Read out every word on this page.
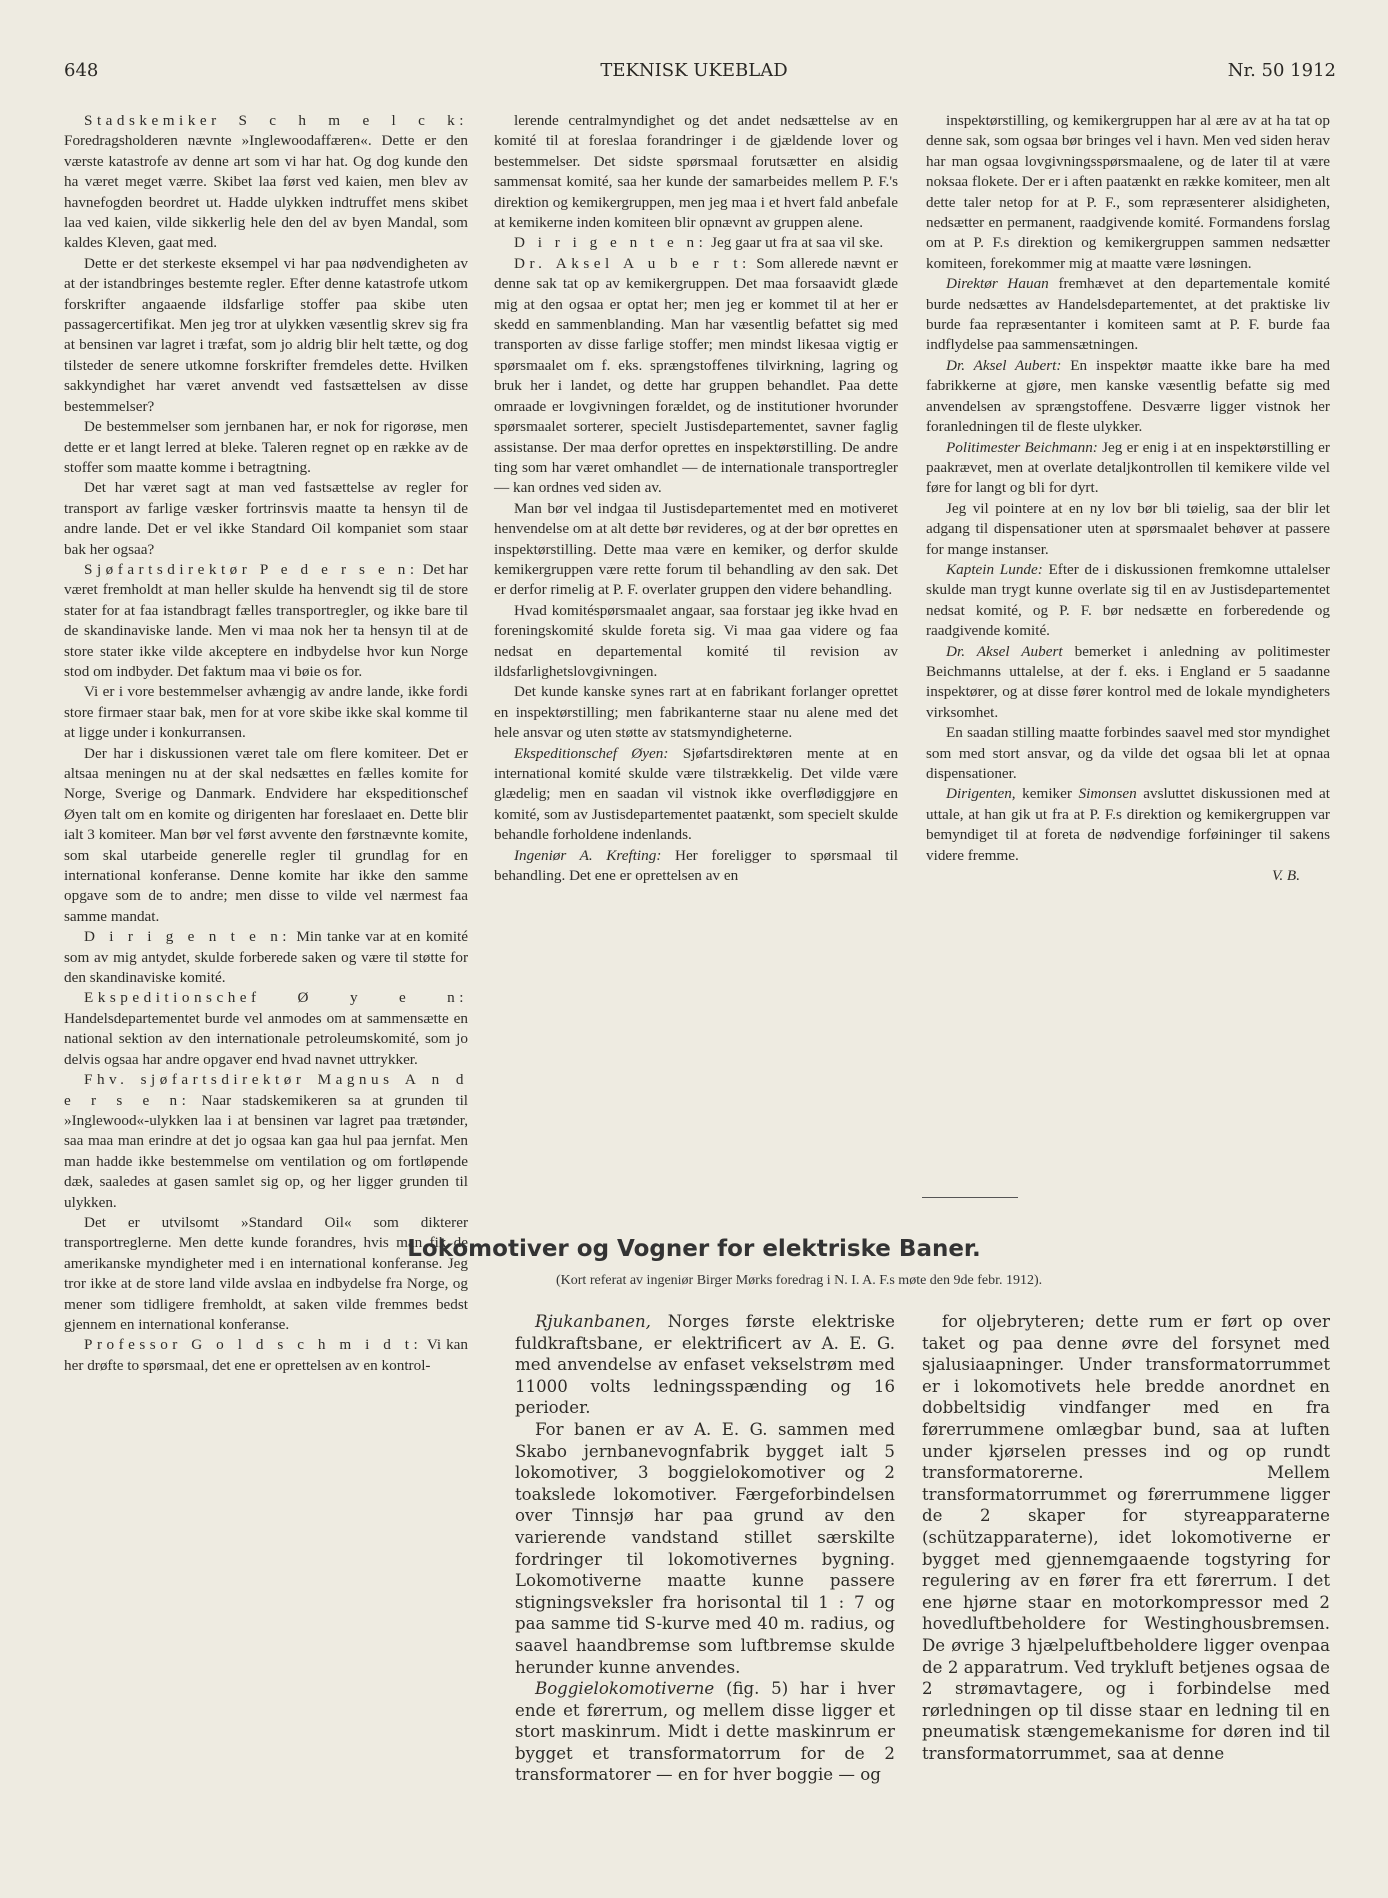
648	TEKNISK UKEBLAD	Nr. 50 1912

Stadskemiker S c h m e l c k: Foredragsholderen nævnte »Inglewoodaffæren«. Dette er den værste katastrofe av denne art som vi har hat. Og dog kunde den ha været meget værre. Skibet laa først ved kaien, men blev av havnefogden beordret ut. Hadde ulykken indtruffet mens skibet laa ved kaien, vilde sikkerlig hele den del av byen Mandal, som kaldes Kleven, gaat med.

Dette er det sterkeste eksempel vi har paa nødvendigheten av at der istandbringes bestemte regler. Efter denne katastrofe utkom forskrifter angaaende ildsfarlige stoffer paa skibe uten passagercertifikat. Men jeg tror at ulykken væsentlig skrev sig fra at bensinen var lagret i træfat, som jo aldrig blir helt tætte, og dog tilsteder de senere utkomne forskrifter fremdeles dette. Hvilken sakkyndighet har været anvendt ved fastsættelsen av disse bestemmelser?

De bestemmelser som jernbanen har, er nok for rigorøse, men dette er et langt lerred at bleke. Taleren regnet op en række av de stoffer som maatte komme i betragtning.

Det har været sagt at man ved fastsættelse av regler for transport av farlige væsker fortrinsvis maatte ta hensyn til de andre lande. Det er vel ikke Standard Oil kompaniet som staar bak her ogsaa?

Sjøfartsdirektør P e d e r s e n: Det har været fremholdt at man heller skulde ha henvendt sig til de store stater for at faa istandbragt fælles transportregler, og ikke bare til de skandinaviske lande. Men vi maa nok her ta hensyn til at de store stater ikke vilde akceptere en indbydelse hvor kun Norge stod om indbyder. Det faktum maa vi bøie os for.

Vi er i vore bestemmelser avhængig av andre lande, ikke fordi store firmaer staar bak, men for at vore skibe ikke skal komme til at ligge under i konkurransen.

Der har i diskussionen været tale om flere komiteer. Det er altsaa meningen nu at der skal nedsættes en fælles komite for Norge, Sverige og Danmark. Endvidere har ekspeditionschef Øyen talt om en komite og dirigenten har foreslaaet en. Dette blir ialt 3 komiteer. Man bør vel først avvente den førstnævnte komite, som skal utarbeide generelle regler til grundlag for en international konferanse. Denne komite har ikke den samme opgave som de to andre; men disse to vilde vel nærmest faa samme mandat.

D i r i g e n t e n: Min tanke var at en komité som av mig antydet, skulde forberede saken og være til støtte for den skandinaviske komité.

Ekspeditionschef Ø y e n: Handelsdepartementet burde vel anmodes om at sammensætte en national sektion av den internationale petroleumskomité, som jo delvis ogsaa har andre opgaver end hvad navnet uttrykker.

Fhv. sjøfartsdirektør Magnus A n d e r s e n: Naar stadskemikeren sa at grunden til »Inglewood«-ulykken laa i at bensinen var lagret paa trætønder, saa maa man erindre at det jo ogsaa kan gaa hul paa jernfat. Men man hadde ikke bestemmelse om ventilation og om fortløpende dæk, saaledes at gasen samlet sig op, og her ligger grunden til ulykken.

Det er utvilsomt »Standard Oil« som dikterer transportreglerne. Men dette kunde forandres, hvis man fik de amerikanske myndigheter med i en international konferanse. Jeg tror ikke at de store land vilde avslaa en indbydelse fra Norge, og mener som tidligere fremholdt, at saken vilde fremmes bedst gjennem en international konferanse.

Professor G o l d s c h m i d t: Vi kan her drøfte to spørsmaal, det ene er oprettelsen av en kontrol-

lerende centralmyndighet og det andet nedsættelse av en komité til at foreslaa forandringer i de gjældende lover og bestemmelser. Det sidste spørsmaal forutsætter en alsidig sammensat komité, saa her kunde der samarbeides mellem P. F.'s direktion og kemikergruppen, men jeg maa i et hvert fald anbefale at kemikerne inden komiteen blir opnævnt av gruppen alene.

D i r i g e n t e n: Jeg gaar ut fra at saa vil ske.

Dr. Aksel A u b e r t: Som allerede nævnt er denne sak tat op av kemikergruppen. Det maa forsaavidt glæde mig at den ogsaa er optat her; men jeg er kommet til at her er skedd en sammenblanding. Man har væsentlig befattet sig med transporten av disse farlige stoffer; men mindst likesaa vigtig er spørsmaalet om f. eks. sprængstoffenes tilvirkning, lagring og bruk her i landet, og dette har gruppen behandlet. Paa dette omraade er lovgivningen forældet, og de institutioner hvorunder spørsmaalet sorterer, specielt Justisdepartementet, savner faglig assistanse. Der maa derfor oprettes en inspektørstilling. De andre ting som har været omhandlet — de internationale transportregler — kan ordnes ved siden av.

Man bør vel indgaa til Justisdepartementet med en motiveret henvendelse om at alt dette bør revideres, og at der bør oprettes en inspektørstilling. Dette maa være en kemiker, og derfor skulde kemikergruppen være rette forum til behandling av den sak. Det er derfor rimelig at P. F. overlater gruppen den videre behandling.

Hvad komitéspørsmaalet angaar, saa forstaar jeg ikke hvad en foreningskomité skulde foreta sig. Vi maa gaa videre og faa nedsat en departemental komité til revision av ildsfarlighetslovgivningen.

Det kunde kanske synes rart at en fabrikant forlanger oprettet en inspektørstilling; men fabrikanterne staar nu alene med det hele ansvar og uten støtte av statsmyndigheterne.

Ekspeditionschef Øyen: Sjøfartsdirektøren mente at en international komité skulde være tilstrækkelig. Det vilde være glædelig; men en saadan vil vistnok ikke overflødiggjøre en komité, som av Justisdepartementet paatænkt, som specielt skulde behandle forholdene indenlands.

Ingeniør A. Krefting: Her foreligger to spørsmaal til behandling. Det ene er oprettelsen av en

inspektørstilling, og kemikergruppen har al ære av at ha tat op denne sak, som ogsaa bør bringes vel i havn. Men ved siden herav har man ogsaa lovgivningsspørsmaalene, og de later til at være noksaa flokete. Der er i aften paatænkt en række komiteer, men alt dette taler netop for at P. F., som repræsenterer alsidigheten, nedsætter en permanent, raadgivende komité. Formandens forslag om at P. F.s direktion og kemikergruppen sammen nedsætter komiteen, forekommer mig at maatte være løsningen.

Direktør Hauan fremhævet at den departementale komité burde nedsættes av Handelsdepartementet, at det praktiske liv burde faa repræsentanter i komiteen samt at P. F. burde faa indflydelse paa sammensætningen.

Dr. Aksel Aubert: En inspektør maatte ikke bare ha med fabrikkerne at gjøre, men kanske væsentlig befatte sig med anvendelsen av sprængstoffene. Desværre ligger vistnok her foranledningen til de fleste ulykker.

Politimester Beichmann: Jeg er enig i at en inspektørstilling er paakrævet, men at overlate detaljkontrollen til kemikere vilde vel føre for langt og bli for dyrt.

Jeg vil pointere at en ny lov bør bli tøielig, saa der blir let adgang til dispensationer uten at spørsmaalet behøver at passere for mange instanser.

Kaptein Lunde: Efter de i diskussionen fremkomne uttalelser skulde man trygt kunne overlate sig til en av Justisdepartementet nedsat komité, og P. F. bør nedsætte en forberedende og raadgivende komité.

Dr. Aksel Aubert bemerket i anledning av politimester Beichmanns uttalelse, at der f. eks. i England er 5 saadanne inspektører, og at disse fører kontrol med de lokale myndigheters virksomhet.

En saadan stilling maatte forbindes saavel med stor myndighet som med stort ansvar, og da vilde det ogsaa bli let at opnaa dispensationer.

Dirigenten, kemiker Simonsen avsluttet diskussionen med at uttale, at han gik ut fra at P. F.s direktion og kemikergruppen var bemyndiget til at foreta de nødvendige forføininger til sakens videre fremme.

V. B.

Lokomotiver og Vogner for elektriske Baner.
(Kort referat av ingeniør Birger Mørks foredrag i N. I. A. F.s møte den 9de febr. 1912).

Rjukanbanen, Norges første elektriske fuldkraftsbane, er elektrificert av A. E. G. med anvendelse av enfaset vekselstrøm med 11000 volts ledningsspænding og 16 perioder.

For banen er av A. E. G. sammen med Skabo jernbanevognfabrik bygget ialt 5 lokomotiver, 3 boggielokomotiver og 2 toakslede lokomotiver. Færgeforbindelsen over Tinnsjø har paa grund av den varierende vandstand stillet særskilte fordringer til lokomotivernes bygning. Lokomotiverne maatte kunne passere stigningsveksler fra horisontal til 1 : 7 og paa samme tid S-kurve med 40 m. radius, og saavel haandbremse som luftbremse skulde herunder kunne anvendes.

Boggielokomotiverne (fig. 5) har i hver ende et førerrum, og mellem disse ligger et stort maskinrum. Midt i dette maskinrum er bygget et transformatorrum for de 2 transformatorer — en for hver boggie — og

for oljebryteren; dette rum er ført op over taket og paa denne øvre del forsynet med sjalusiaapninger. Under transformatorrummet er i lokomotivets hele bredde anordnet en dobbeltsidig vindfanger med en fra førerrummene omlægbar bund, saa at luften under kjørselen presses ind og op rundt transformatorerne. Mellem transformatorrummet og førerrummene ligger de 2 skaper for styreapparaterne (schützapparaterne), idet lokomotiverne er bygget med gjennemgaaende togstyring for regulering av en fører fra ett førerrum. I det ene hjørne staar en motorkompressor med 2 hovedluftbeholdere for Westinghousbremsen. De øvrige 3 hjælpeluftbeholdere ligger ovenpaa de 2 apparatrum. Ved trykluft betjenes ogsaa de 2 strømavtagere, og i forbindelse med rørledningen op til disse staar en ledning til en pneumatisk stængemekanisme for døren ind til transformatorrummet, saa at denne
